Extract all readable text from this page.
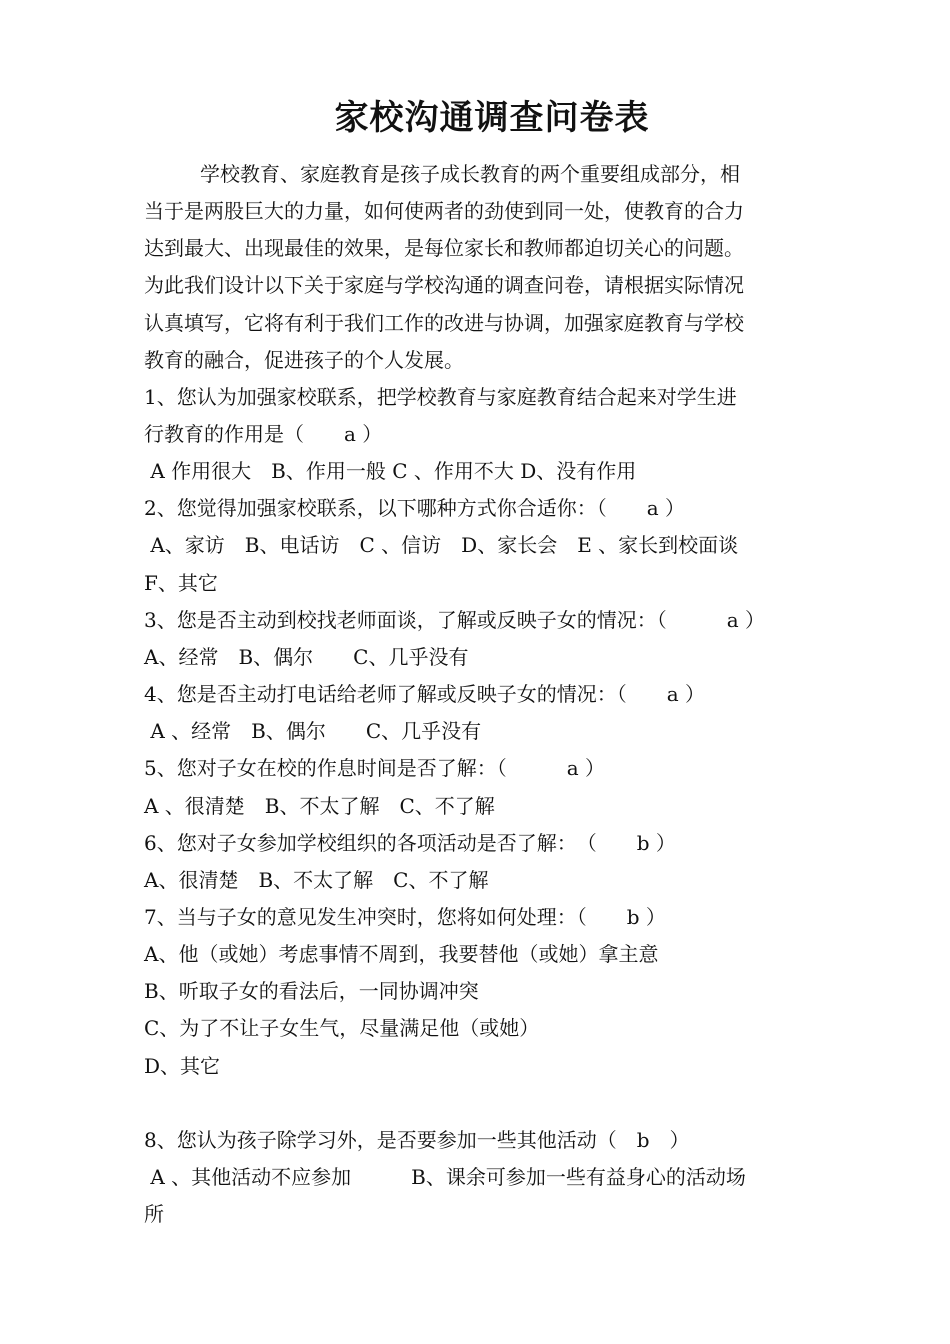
家校沟通调查问卷表
学校教育、家庭教育是孩子成长教育的两个重要组成部分，相
当于是两股巨大的力量，如何使两者的劲使到同一处，使教育的合力
达到最大、出现最佳的效果，是每位家长和教师都迫切关心的问题。
为此我们设计以下关于家庭与学校沟通的调查问卷，请根据实际情况
认真填写，它将有利于我们工作的改进与协调，加强家庭教育与学校
教育的融合，促进孩子的个人发展。
1、您认为加强家校联系，把学校教育与家庭教育结合起来对学生进
行教育的作用是（　　a ）
A 作用很大　B、作用一般 C 、作用不大 D、没有作用
2、您觉得加强家校联系，以下哪种方式你合适你：（　　a ）
A、家访　B、电话访　C 、信访　D、家长会　E 、家长到校面谈
F、其它
3、您是否主动到校找老师面谈，了解或反映子女的情况：（　　　a ）
A、经常　B、偶尔　　C、几乎没有
4、您是否主动打电话给老师了解或反映子女的情况：（　　a ）
A 、经常　B、偶尔　　C、几乎没有
5、您对子女在校的作息时间是否了解：（　　　a ）
A 、很清楚　B、不太了解　C、不了解
6、您对子女参加学校组织的各项活动是否了解：　（　　b ）
A、很清楚　B、不太了解　C、不了解
7、当与子女的意见发生冲突时，您将如何处理：（　　b ）
A、他（或她）考虑事情不周到，我要替他（或她）拿主意
B、听取子女的看法后，一同协调冲突
C、为了不让子女生气，尽量满足他（或她）
D、其它
8、您认为孩子除学习外，是否要参加一些其他活动（　b　）
A 、其他活动不应参加　　　B、课余可参加一些有益身心的活动场
所
